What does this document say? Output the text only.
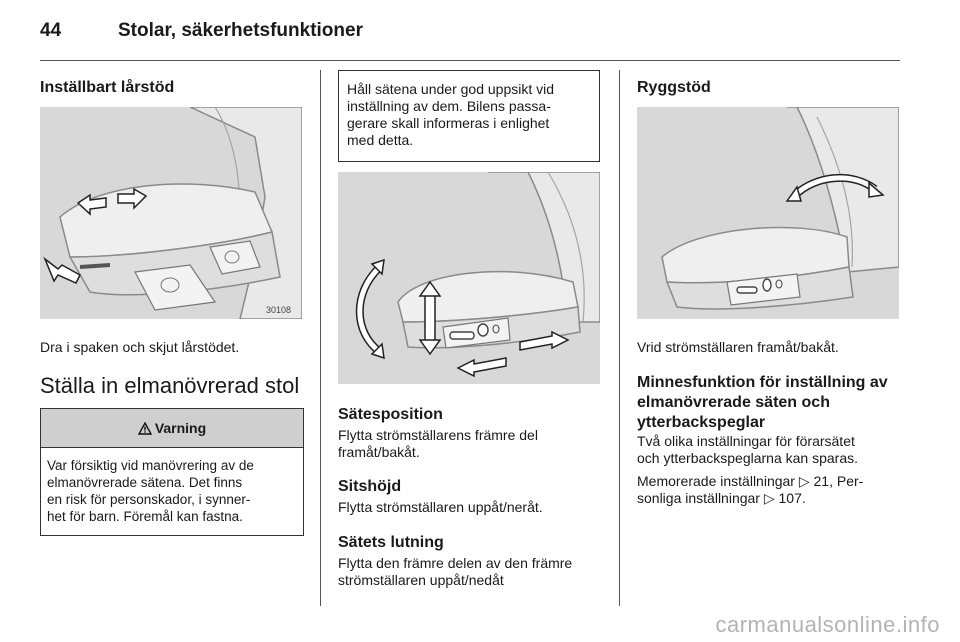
44	Stolar, säkerhetsfunktioner
Inställbart lårstöd
30108
Dra i spaken och skjut lårstödet.
Ställa in elmanövrerad stol
Varning
Var försiktig vid manövrering av de
elmanövrerade sätena. Det finns
en risk för personskador, i synner-
het för barn. Föremål kan fastna.
Håll sätena under god uppsikt vid
inställning av dem. Bilens passa-
gerare skall informeras i enlighet
med detta.
Sätesposition
Flytta strömställarens främre del
framåt/bakåt.
Sitshöjd
Flytta strömställaren uppåt/neråt.
Sätets lutning
Flytta den främre delen av den främre
strömställaren uppåt/nedåt
Ryggstöd
Vrid strömställaren framåt/bakåt.
Minnesfunktion för inställning av
elmanövrerade säten och
ytterbackspeglar
Två olika inställningar för förarsätet
och ytterbackspeglarna kan sparas.
Memorerade inställningar ▷ 21, Per-
sonliga inställningar ▷ 107.
carmanualsonline.info
